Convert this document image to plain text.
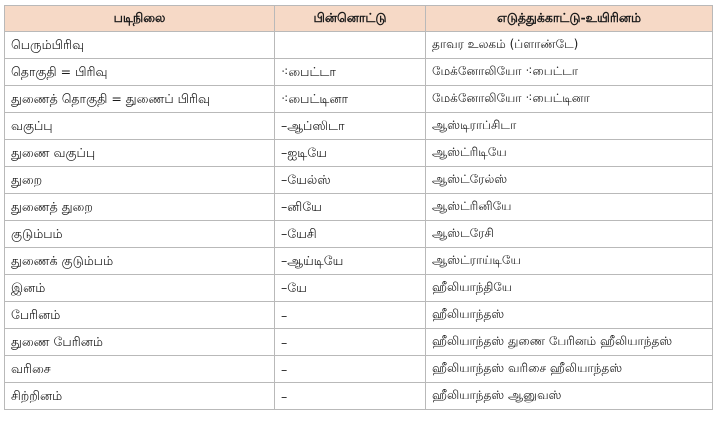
படிநிலை	பின்னொட்டு	எடுத்துக்காட்டு-உயிரினம்
பெரும்பிரிவு		தாவர உலகம் (ப்ளாண்டே)
தொகுதி = பிரிவு	⁖பைட்டா	மேக்னோலியோ ⁖பைட்டா
துணைத் தொகுதி = துணைப் பிரிவு	⁖பைட்டினா	மேக்னோலியோ ⁖பைட்டினா
வகுப்பு	–ஆப்ஸிடா	ஆஸ்டிராப்சிடா
துணை வகுப்பு	–ஐடியே	ஆஸ்ட்ரிடியே
துறை	–யேல்ஸ்	ஆஸ்ட்ரேல்ஸ்
துணைத் துறை	–னியே	ஆஸ்ட்ரினியே
குடும்பம்	–யேசி	ஆஸ்டரேசி
துணைக் குடும்பம்	–ஆய்டியே	ஆஸ்ட்ராய்டியே
இனம்	–யே	ஹீலியாந்தியே
பேரினம்	–	ஹீலியாந்தஸ்
துணை பேரினம்	–	ஹீலியாந்தஸ் துணை பேரினம் ஹீலியாந்தஸ்
வரிசை	–	ஹீலியாந்தஸ் வரிசை ஹீலியாந்தஸ்
சிற்றினம்	–	ஹீலியாந்தஸ் ஆனுவஸ்
